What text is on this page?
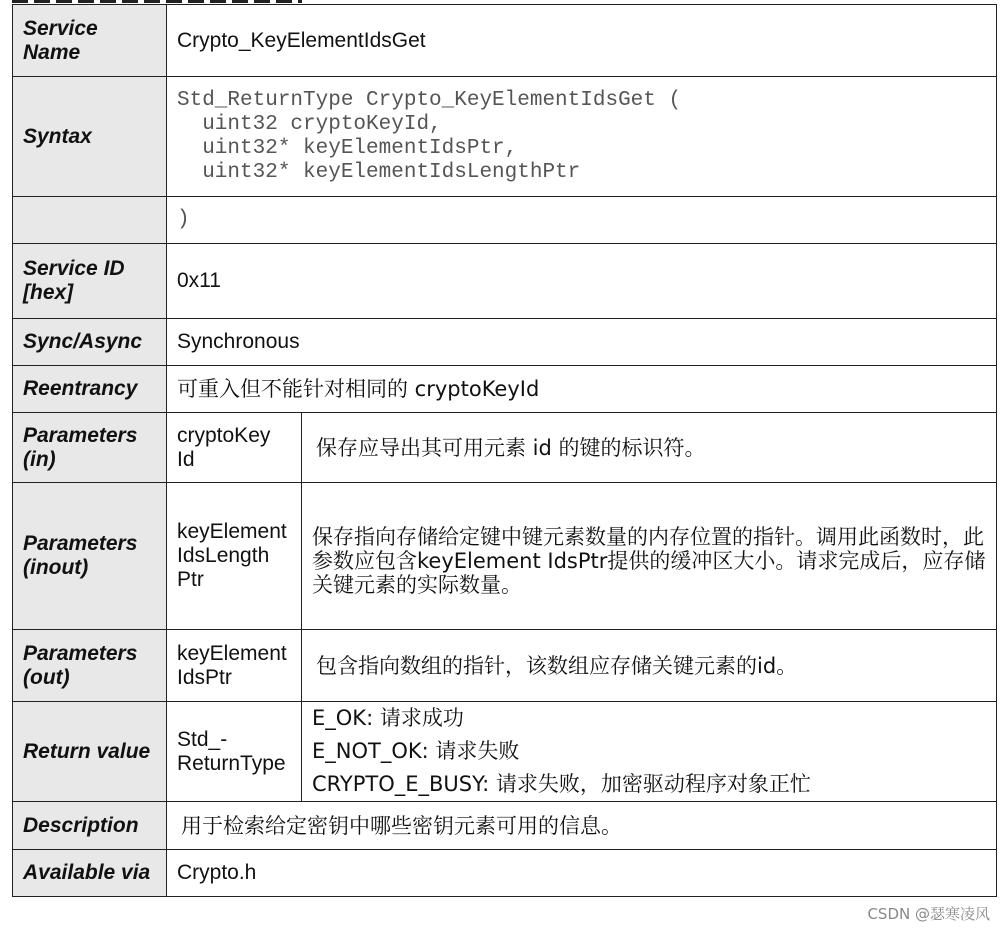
Service Name	Crypto_KeyElementIdsGet	
Syntax	Std_ReturnType Crypto_KeyElementIdsGet (
uint32 cryptoKeyId,
uint32* keyElementIdsPtr,
uint32* keyElementIdsLengthPtr	

	)	
Service ID [hex]	0x11	
Sync/Async	Synchronous	
Reentrancy	可重入但不能针对相同的 cryptoKeyId	
Parameters (in)	cryptoKey Id	保存应导出其可用元素 id 的键的标识符。
Parameters (inout)	keyElement IdsLength Ptr	保存指向存储给定键中键元素数量的内存位置的指针。调用此函数时，此参数应包含keyElement IdsPtr提供的缓冲区大小。请求完成后，应存储关键元素的实际数量。
Parameters (out)	keyElement IdsPtr	包含指向数组的指针，该数组应存储关键元素的id。
Return value	Std_- ReturnType	E_OK: 请求成功
E_NOT_OK: 请求失败
CRYPTO_E_BUSY: 请求失败，加密驱动程序对象正忙

Description	用于检索给定密钥中哪些密钥元素可用的信息。	
Available via	Crypto.h	
CSDN @瑟寒凌风
